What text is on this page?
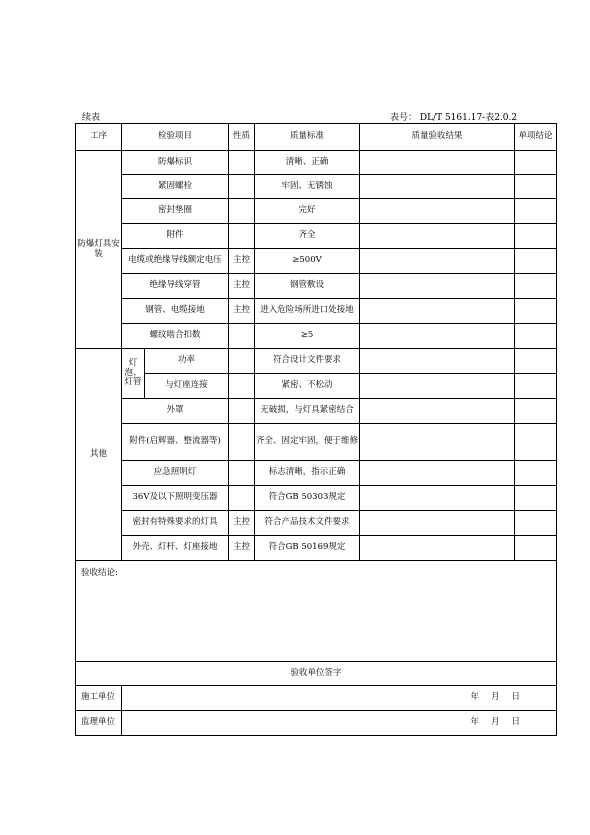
续表	表号： DL/T 5161.17-表2.0.2
工序	检验项目		性质	质量标准	质量验收结果	单项结论
防爆灯具安装	防爆标识			清晰、正确		
	紧固螺栓			牢固、无锈蚀		
	密封垫圈			完好		
	附件			齐全		
	电缆或绝缘导线额定电压		主控	≥500V		
	绝缘导线穿管		主控	钢管敷设		
	钢管、电缆接地		主控	进入危险场所进口处接地		
	螺纹啮合扣数			≥5		
其他	灯泡、灯管	功率		符合设计文件要求		
		与灯座连接		紧密、不松动		
	外罩			无破损，与灯具紧密结合		
	附件(启辉器、整流器等)			齐全、固定牢固，便于维修		
	应急照明灯			标志清晰，指示正确		
	36V及以下照明变压器			符合GB 50303规定		
	密封有特殊要求的灯具		主控	符合产品技术文件要求		
	外壳、灯杆、灯座接地		主控	符合GB 50169规定		
验收结论:						
验收单位签字						
施工单位	年 月 日					
监理单位	年 月 日					
